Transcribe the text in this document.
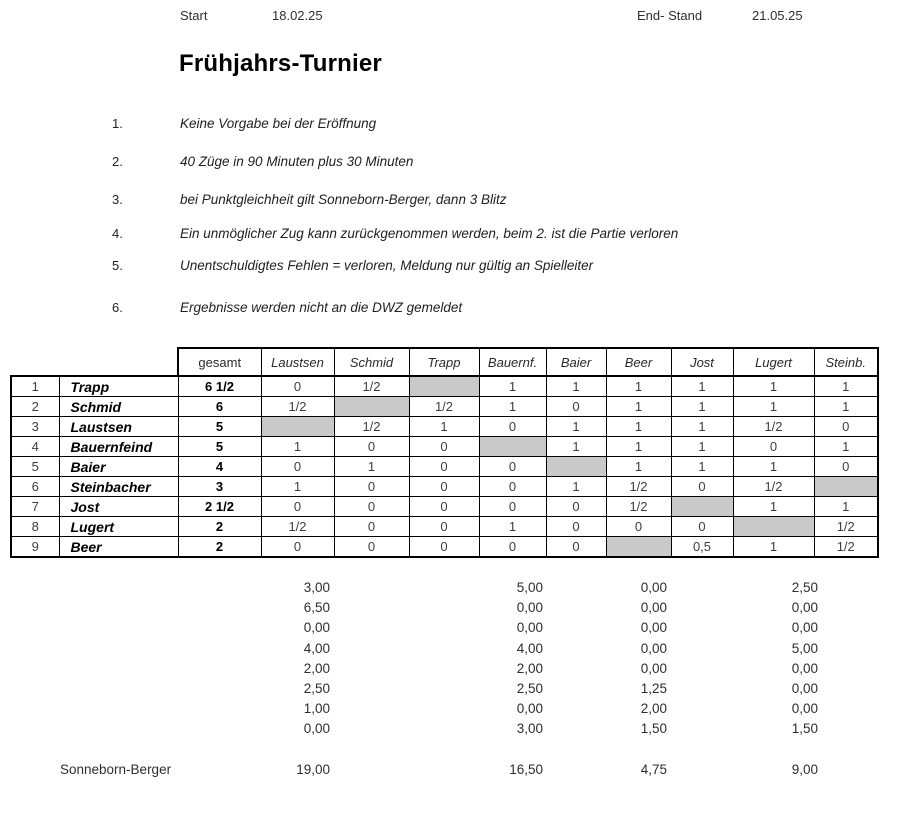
Start	18.02.25	End- Stand	21.05.25
Frühjahrs-Turnier
1.	Keine Vorgabe bei der Eröffnung
2.	40 Züge in 90 Minuten plus 30 Minuten
3.	bei Punktgleichheit gilt Sonneborn-Berger, dann 3 Blitz
4.	Ein unmöglicher Zug kann zurückgenommen werden, beim 2. ist die Partie verloren
5.	Unentschuldigtes Fehlen = verloren, Meldung nur gültig an Spielleiter
6.	Ergebnisse werden nicht an die DWZ gemeldet
		gesamt	Laustsen	Schmid	Trapp	Bauernf.	Baier	Beer	Jost	Lugert	Steinb.
1	Trapp	6 1/2	0	1/2		1	1	1	1	1	1
2	Schmid	6	1/2		1/2	1	0	1	1	1	1
3	Laustsen	5		1/2	1	0	1	1	1	1/2	0
4	Bauernfeind	5	1	0	0		1	1	1	0	1
5	Baier	4	0	1	0	0		1	1	1	0
6	Steinbacher	3	1	0	0	0	1	1/2	0	1/2	
7	Jost	2 1/2	0	0	0	0	0	1/2		1	1
8	Lugert	2	1/2	0	0	1	0	0	0		1/2
9	Beer	2	0	0	0	0	0		0,5	1	1/2
3,00	5,00	0,00	2,50
6,50	0,00	0,00	0,00
0,00	0,00	0,00	0,00
4,00	4,00	0,00	5,00
2,00	2,00	0,00	0,00
2,50	2,50	1,25	0,00
1,00	0,00	2,00	0,00
0,00	3,00	1,50	1,50
Sonneborn-Berger	19,00	16,50	4,75	9,00
